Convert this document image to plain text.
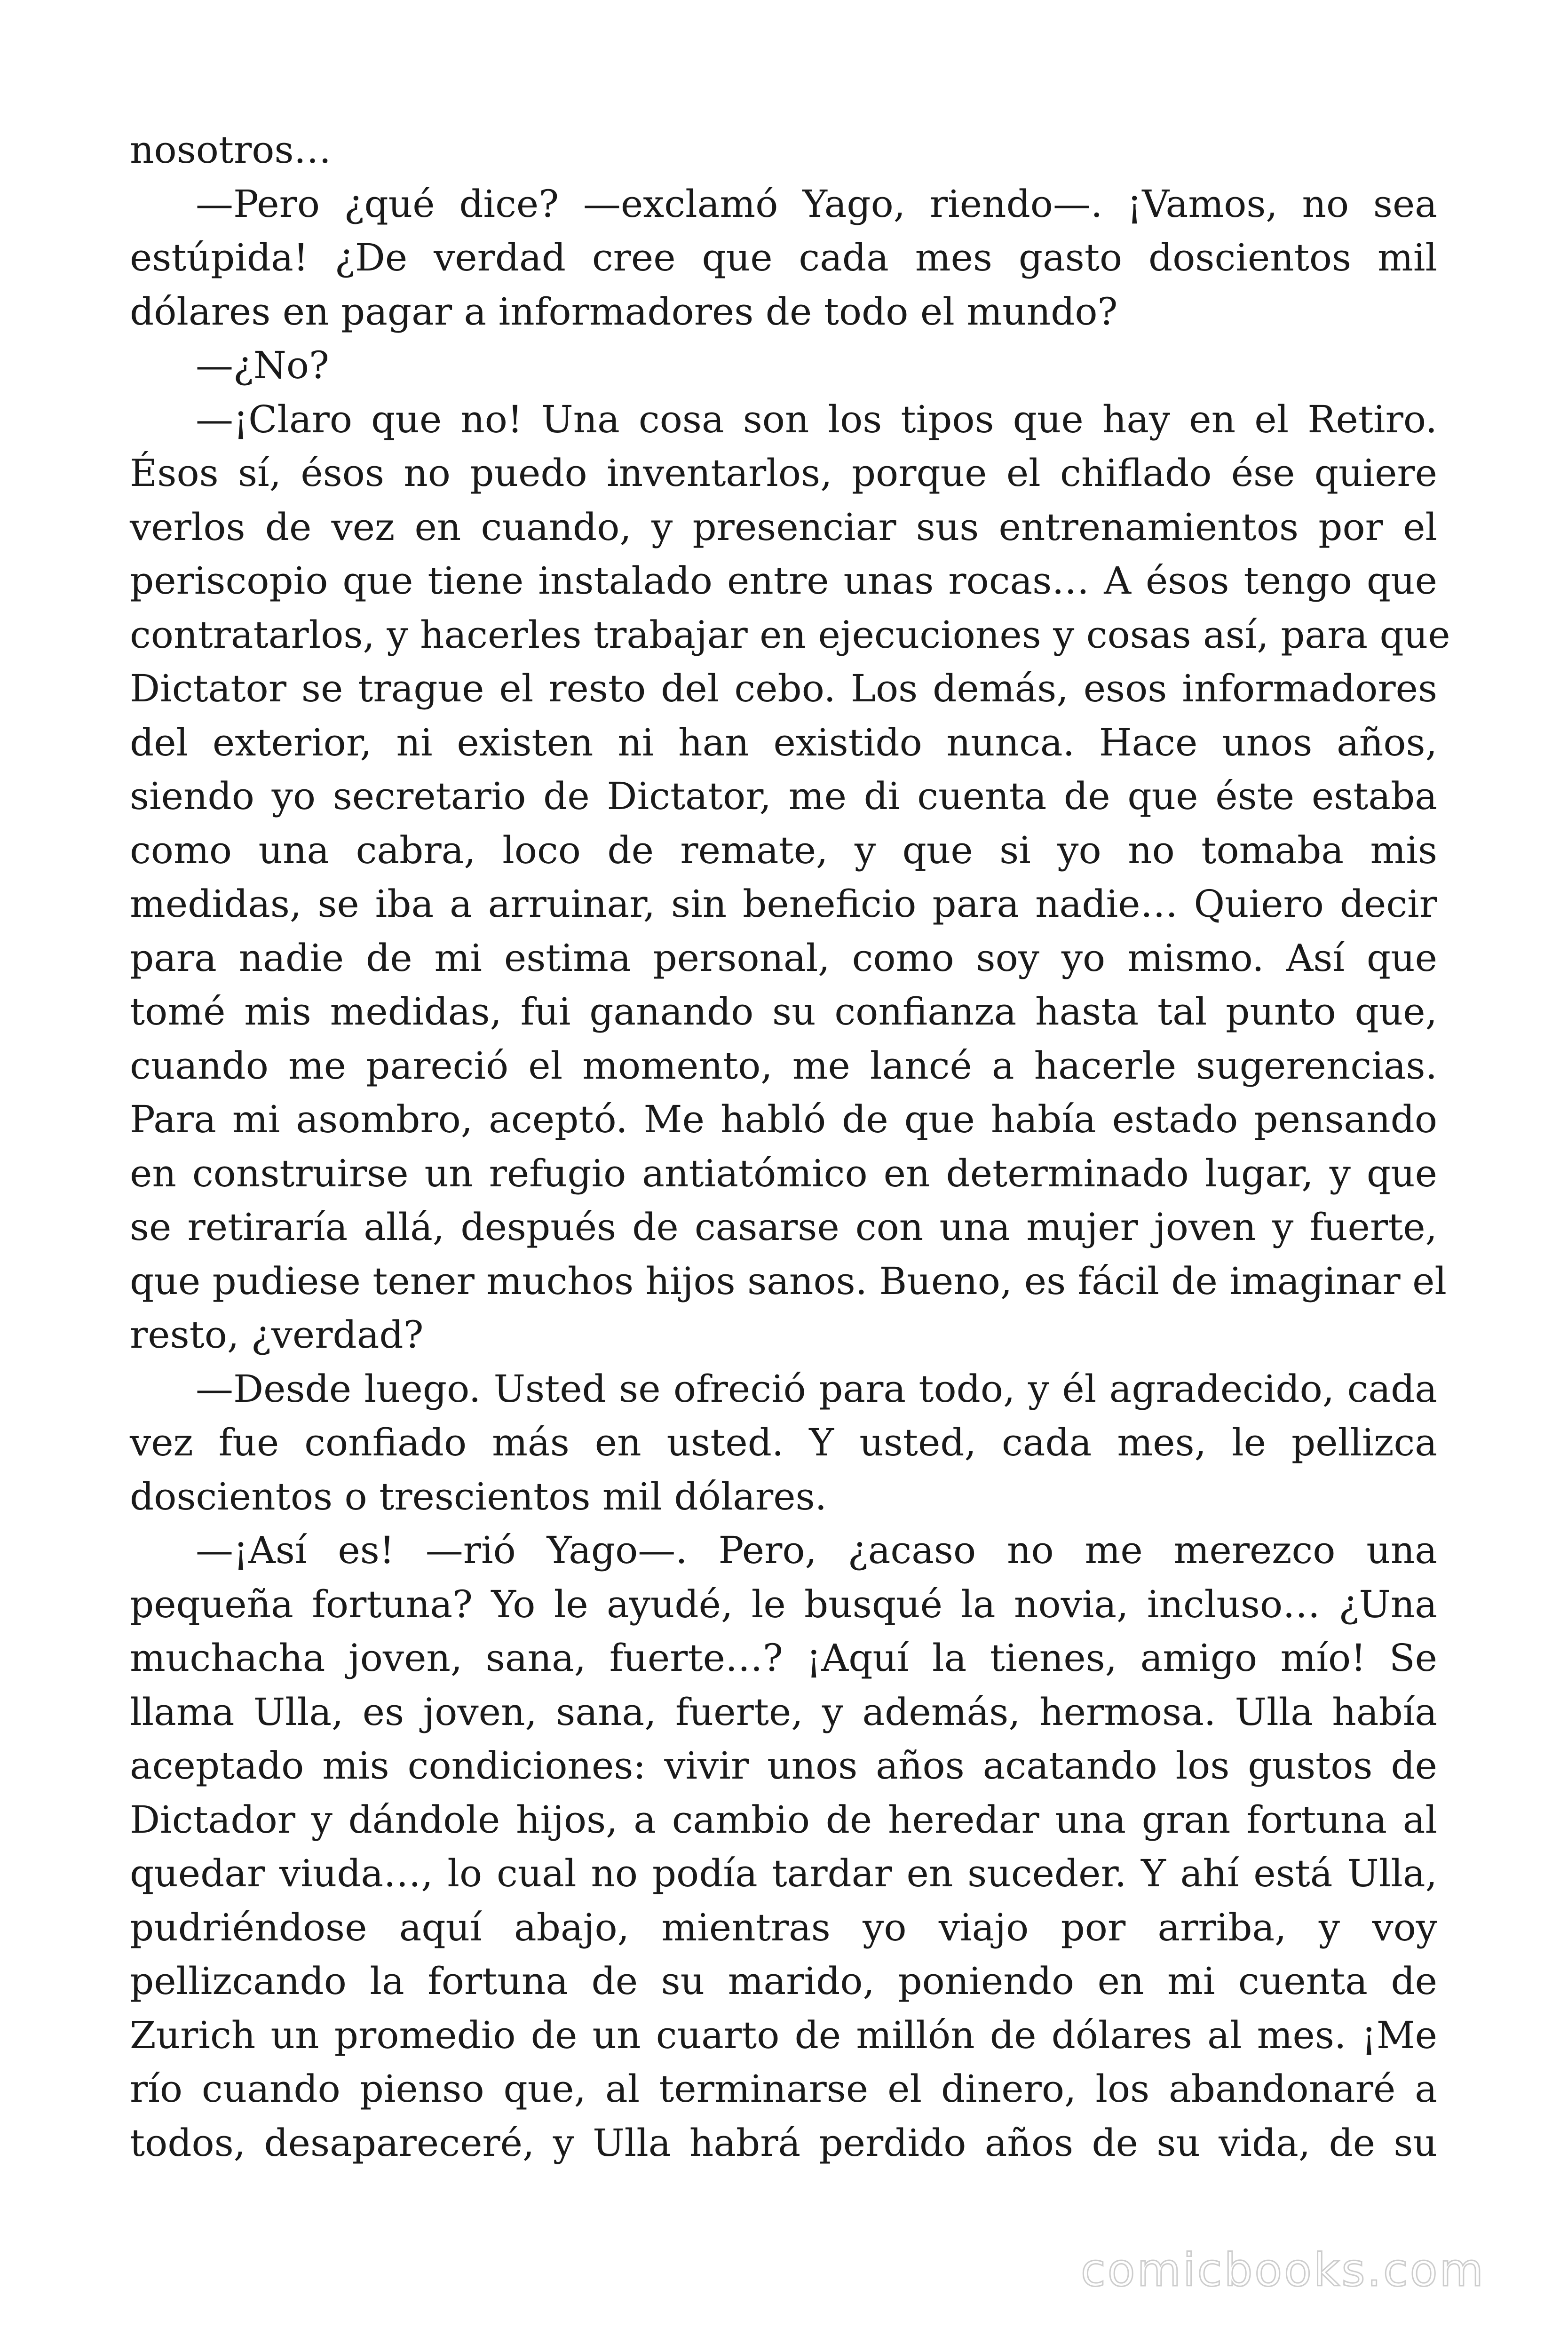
nosotros…
—Pero ¿qué dice? —exclamó Yago, riendo—. ¡Vamos, no sea
estúpida! ¿De verdad cree que cada mes gasto doscientos mil
dólares en pagar a informadores de todo el mundo?
—¿No?
—¡Claro que no! Una cosa son los tipos que hay en el Retiro.
Ésos sí, ésos no puedo inventarlos, porque el chiflado ése quiere
verlos de vez en cuando, y presenciar sus entrenamientos por el
periscopio que tiene instalado entre unas rocas… A ésos tengo que
contratarlos, y hacerles trabajar en ejecuciones y cosas así, para que
Dictator se trague el resto del cebo. Los demás, esos informadores
del exterior, ni existen ni han existido nunca. Hace unos años,
siendo yo secretario de Dictator, me di cuenta de que éste estaba
como una cabra, loco de remate, y que si yo no tomaba mis
medidas, se iba a arruinar, sin beneficio para nadie… Quiero decir
para nadie de mi estima personal, como soy yo mismo. Así que
tomé mis medidas, fui ganando su confianza hasta tal punto que,
cuando me pareció el momento, me lancé a hacerle sugerencias.
Para mi asombro, aceptó. Me habló de que había estado pensando
en construirse un refugio antiatómico en determinado lugar, y que
se retiraría allá, después de casarse con una mujer joven y fuerte,
que pudiese tener muchos hijos sanos. Bueno, es fácil de imaginar el
resto, ¿verdad?
—Desde luego. Usted se ofreció para todo, y él agradecido, cada
vez fue confiado más en usted. Y usted, cada mes, le pellizca
doscientos o trescientos mil dólares.
—¡Así es! —rió Yago—. Pero, ¿acaso no me merezco una
pequeña fortuna? Yo le ayudé, le busqué la novia, incluso… ¿Una
muchacha joven, sana, fuerte…? ¡Aquí la tienes, amigo mío! Se
llama Ulla, es joven, sana, fuerte, y además, hermosa. Ulla había
aceptado mis condiciones: vivir unos años acatando los gustos de
Dictador y dándole hijos, a cambio de heredar una gran fortuna al
quedar viuda…, lo cual no podía tardar en suceder. Y ahí está Ulla,
pudriéndose aquí abajo, mientras yo viajo por arriba, y voy
pellizcando la fortuna de su marido, poniendo en mi cuenta de
Zurich un promedio de un cuarto de millón de dólares al mes. ¡Me
río cuando pienso que, al terminarse el dinero, los abandonaré a
todos, desapareceré, y Ulla habrá perdido años de su vida, de su
comicbooks.com
